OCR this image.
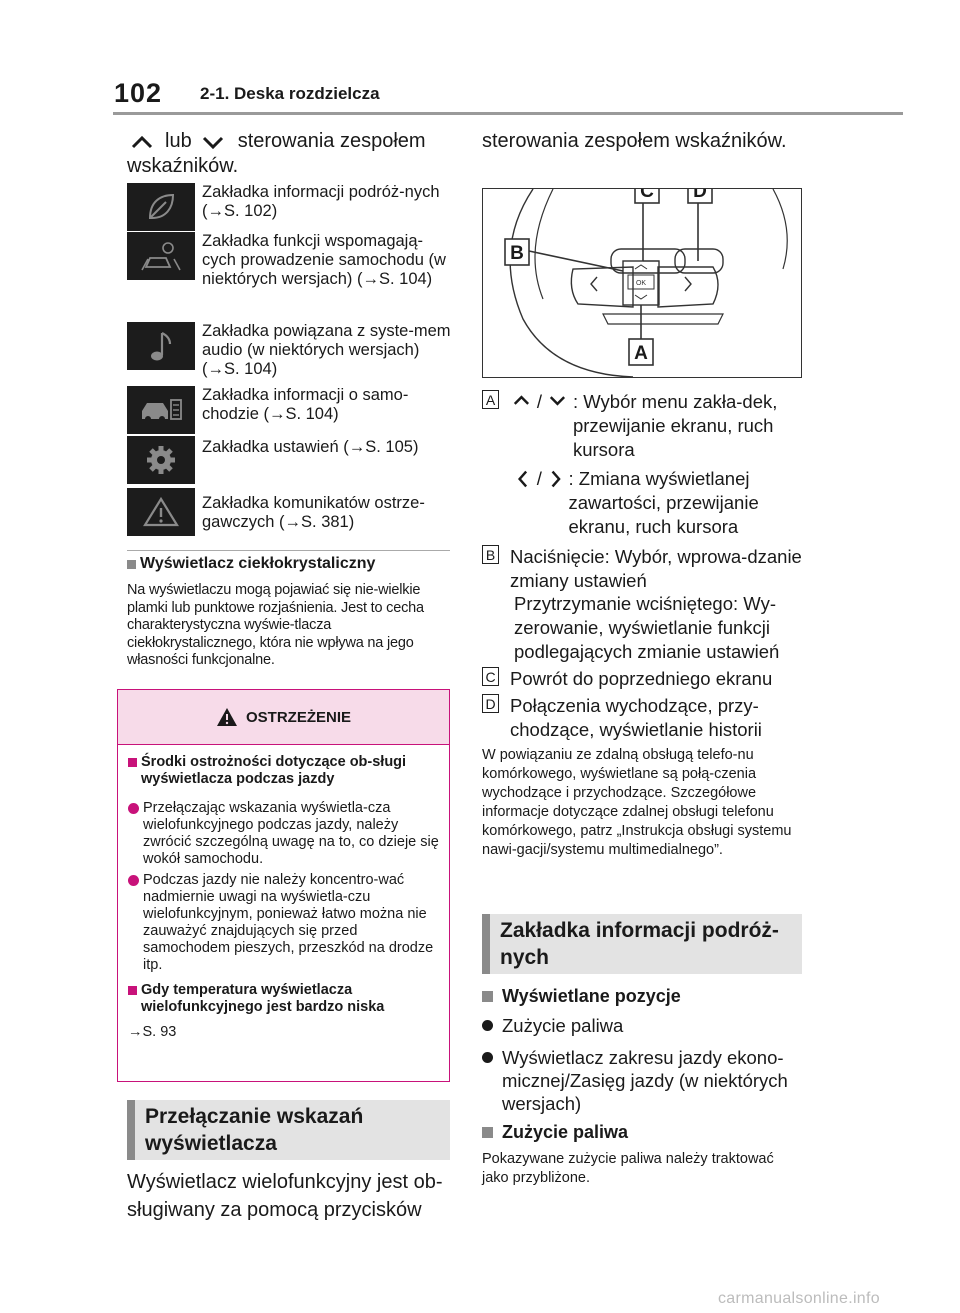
102 2-1. Deska rozdzielcza
lub sterowania zespołem
wskaźników.
Zakładka informacji podróż-nych (→S. 102)
Zakładka funkcji wspomagają-cych prowadzenie samochodu (w niektórych wersjach) (→S. 104)
Zakładka powiązana z syste-mem audio (w niektórych wersjach) (→S. 104)
Zakładka informacji o samo-chodzie (→S. 104)
Zakładka ustawień (→S. 105)
Zakładka komunikatów ostrze-gawczych (→S. 381)
Wyświetlacz ciekłokrystaliczny
Na wyświetlaczu mogą pojawiać się nie-wielkie plamki lub punktowe rozjaśnienia. Jest to cecha charakterystyczna wyświe-tlacza ciekłokrystalicznego, która nie wpływa na jego własności funkcjonalne.
OSTRZEŻENIE
Środki ostrożności dotyczące ob-sługi wyświetlacza podczas jazdy
Przełączając wskazania wyświetla-cza wielofunkcyjnego podczas jazdy, należy zwrócić szczególną uwagę na to, co dzieje się wokół samochodu.
Podczas jazdy nie należy koncentro-wać nadmiernie uwagi na wyświetla-czu wielofunkcyjnym, ponieważ łatwo można nie zauważyć znajdujących się przed samochodem pieszych, przeszkód na drodze itp.
Gdy temperatura wyświetlacza wielofunkcyjnego jest bardzo niska
→S. 93
Przełączanie wskazań wyświetlacza
Wyświetlacz wielofunkcyjny jest ob-sługiwany za pomocą przycisków
sterowania zespołem wskaźników.
OK
C D
B
A
A / : Wybór menu zakła-dek, przewijanie ekranu, ruch kursora
/ : Zmiana wyświetlanej zawartości, przewijanie ekranu, ruch kursora
B Naciśnięcie: Wybór, wprowa-dzanie zmiany ustawień
Przytrzymanie wciśniętego: Wy-zerowanie, wyświetlanie funkcji podlegających zmianie ustawień
C Powrót do poprzedniego ekranu
D Połączenia wychodzące, przy-chodzące, wyświetlanie historii
W powiązaniu ze zdalną obsługą telefo-nu komórkowego, wyświetlane są połą-czenia wychodzące i przychodzące. Szczegółowe informacje dotyczące zdalnej obsługi telefonu komórkowego, patrz „Instrukcja obsługi systemu nawi-gacji/systemu multimedialnego”.
Zakładka informacji podróż-nych
Wyświetlane pozycje
Zużycie paliwa
Wyświetlacz zakresu jazdy ekono-micznej/Zasięg jazdy (w niektórych wersjach)
Zużycie paliwa
Pokazywane zużycie paliwa należy traktować jako przybliżone.
carmanualsonline.info
